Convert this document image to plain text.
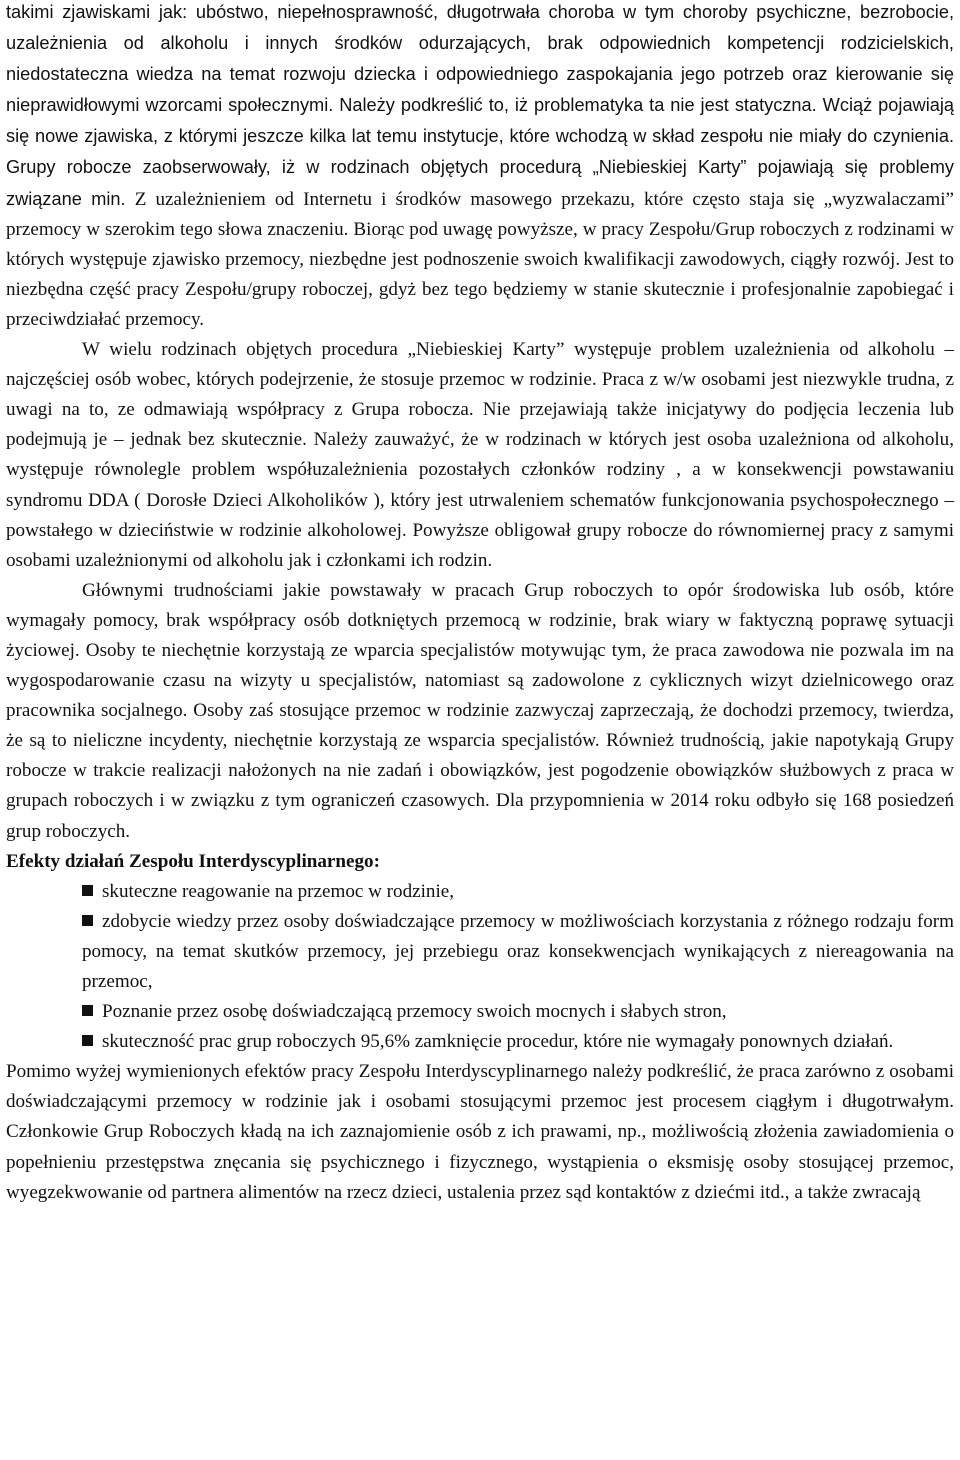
takimi zjawiskami jak: ubóstwo, niepełnosprawność, długotrwała choroba w tym choroby psychiczne, bezrobocie, uzależnienia od alkoholu i innych środków odurzających, brak odpowiednich kompetencji rodzicielskich, niedostateczna wiedza na temat rozwoju dziecka i odpowiedniego zaspokajania jego potrzeb oraz kierowanie się nieprawidłowymi wzorcami społecznymi. Należy podkreślić to, iż problematyka ta nie jest statyczna. Wciąż pojawiają się nowe zjawiska, z którymi jeszcze kilka lat temu instytucje, które wchodzą w skład zespołu nie miały do czynienia. Grupy robocze zaobserwowały, iż w rodzinach objętych procedurą „Niebieskiej Karty” pojawiają się problemy związane min. Z uzależnieniem od Internetu i środków masowego przekazu, które często staja się „wyzwalaczami” przemocy w szerokim tego słowa znaczeniu. Biorąc pod uwagę powyższe, w pracy Zespołu/Grup roboczych z rodzinami w których występuje zjawisko przemocy, niezbędne jest podnoszenie swoich kwalifikacji zawodowych, ciągły rozwój. Jest to niezbędna część pracy Zespołu/grupy roboczej, gdyż bez tego będziemy w stanie skutecznie i profesjonalnie zapobiegać i przeciwdziałać przemocy.

W wielu rodzinach objętych procedura „Niebieskiej Karty” występuje problem uzależnienia od alkoholu – najczęściej osób wobec, których podejrzenie, że stosuje przemoc w rodzinie. Praca z w/w osobami jest niezwykle trudna, z uwagi na to, ze odmawiają współpracy z Grupa robocza. Nie przejawiają także inicjatywy do podjęcia leczenia lub podejmują je – jednak bez skutecznie. Należy zauważyć, że w rodzinach w których jest osoba uzależniona od alkoholu, występuje równolegle problem współuzależnienia pozostałych członków rodziny , a w konsekwencji powstawaniu syndromu DDA ( Dorosłe Dzieci Alkoholików ), który jest utrwaleniem schematów funkcjonowania psychospołecznego – powstałego w dzieciństwie w rodzinie alkoholowej. Powyższe obligował grupy robocze do równomiernej pracy z samymi osobami uzależnionymi od alkoholu jak i członkami ich rodzin.

Głównymi trudnościami jakie powstawały w pracach Grup roboczych to opór środowiska lub osób, które wymagały pomocy, brak współpracy osób dotkniętych przemocą w rodzinie, brak wiary w faktyczną poprawę sytuacji życiowej. Osoby te niechętnie korzystają ze wparcia specjalistów motywując tym, że praca zawodowa nie pozwala im na wygospodarowanie czasu na wizyty u specjalistów, natomiast są zadowolone z cyklicznych wizyt dzielnicowego oraz pracownika socjalnego. Osoby zaś stosujące przemoc w rodzinie zazwyczaj zaprzeczają, że dochodzi przemocy, twierdza, że są to nieliczne incydenty, niechętnie korzystają ze wsparcia specjalistów. Również trudnością, jakie napotykają Grupy robocze w trakcie realizacji nałożonych na nie zadań i obowiązków, jest pogodzenie obowiązków służbowych z praca w grupach roboczych i w związku z tym ograniczeń czasowych. Dla przypomnienia w 2014 roku odbyło się 168 posiedzeń grup roboczych.

Efekty działań Zespołu Interdyscyplinarnego:

skuteczne reagowanie na przemoc w rodzinie,
zdobycie wiedzy przez osoby doświadczające przemocy w możliwościach korzystania z różnego rodzaju form pomocy, na temat skutków przemocy, jej przebiegu oraz konsekwencjach wynikających z niereagowania na przemoc,
Poznanie przez osobę doświadczającą przemocy swoich mocnych i słabych stron,
skuteczność prac grup roboczych 95,6% zamknięcie procedur, które nie wymagały ponownych działań.

Pomimo wyżej wymienionych efektów pracy Zespołu Interdyscyplinarnego należy podkreślić, że praca zarówno z osobami doświadczającymi przemocy w rodzinie jak i osobami stosującymi przemoc jest procesem ciągłym i długotrwałym. Członkowie Grup Roboczych kładą na ich zaznajomienie osób z ich prawami, np., możliwością złożenia zawiadomienia o popełnieniu przestępstwa znęcania się psychicznego i fizycznego, wystąpienia o eksmisję osoby stosującej przemoc, wyegzekwowanie od partnera alimentów na rzecz dzieci, ustalenia przez sąd kontaktów z dziećmi itd., a także zwracają
